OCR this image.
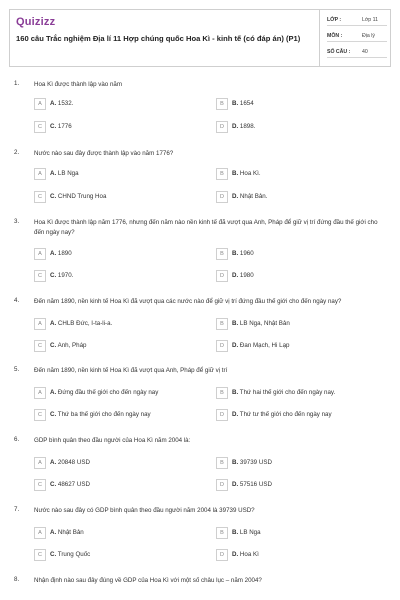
Quizizz
160 câu Trắc nghiệm Địa lí 11 Hợp chúng quốc Hoa Kì - kinh tế (có đáp án) (P1)
LỚP :	Lớp 11
MÔN :	Địa lý
SỐ CÂU : 40
1. Hoa Kì được thành lập vào năm
A	A. 1532.	B	B. 1654
C	C. 1776	D	D. 1898.
2. Nước nào sau đây được thành lập vào năm 1776?
A	A. LB Nga	B	B. Hoa Kì.
C	C. CHND Trung Hoa	D	D. Nhật Bản.
3. Hoa Kì được thành lập năm 1776, nhưng đến năm nào nền kinh tế đã vượt qua Anh, Pháp để giữ vị trí đứng đầu thế giới cho đến ngày nay?
A	A. 1890	B	B. 1960
C	C. 1970.	D	D. 1980
4. Đến năm 1890, nền kinh tế Hoa Kì đã vượt qua các nước nào để giữ vị trí đứng đầu thế giới cho đến ngày nay?
A	A. CHLB Đức, I-ta-li-a.	B	B. LB Nga, Nhật Bản
C	C. Anh, Pháp	D	D. Đan Mạch, Hi Lạp
5. Đến năm 1890, nền kinh tế Hoa Kì đã vượt qua Anh, Pháp để giữ vị trí
A	A. Đứng đầu thế giới cho đến ngày nay	B	B. Thứ hai thế giới cho đến ngày nay.
C	C. Thứ ba thế giới cho đến ngày nay	D	D. Thứ tư thế giới cho đến ngày nay
6. GDP bình quân theo đầu người của Hoa Kì năm 2004 là:
A	A. 20848 USD	B	B. 39739 USD
C	C. 48627 USD	D	D. 57516 USD
7. Nước nào sau đây có GDP bình quân theo đầu người năm 2004 là 39739 USD?
A	A. Nhật Bản	B	B. LB Nga
C	C. Trung Quốc	D	D. Hoa Kì
8. Nhận định nào sau đây đúng về GDP của Hoa Kì với một số châu lục – năm 2004?
